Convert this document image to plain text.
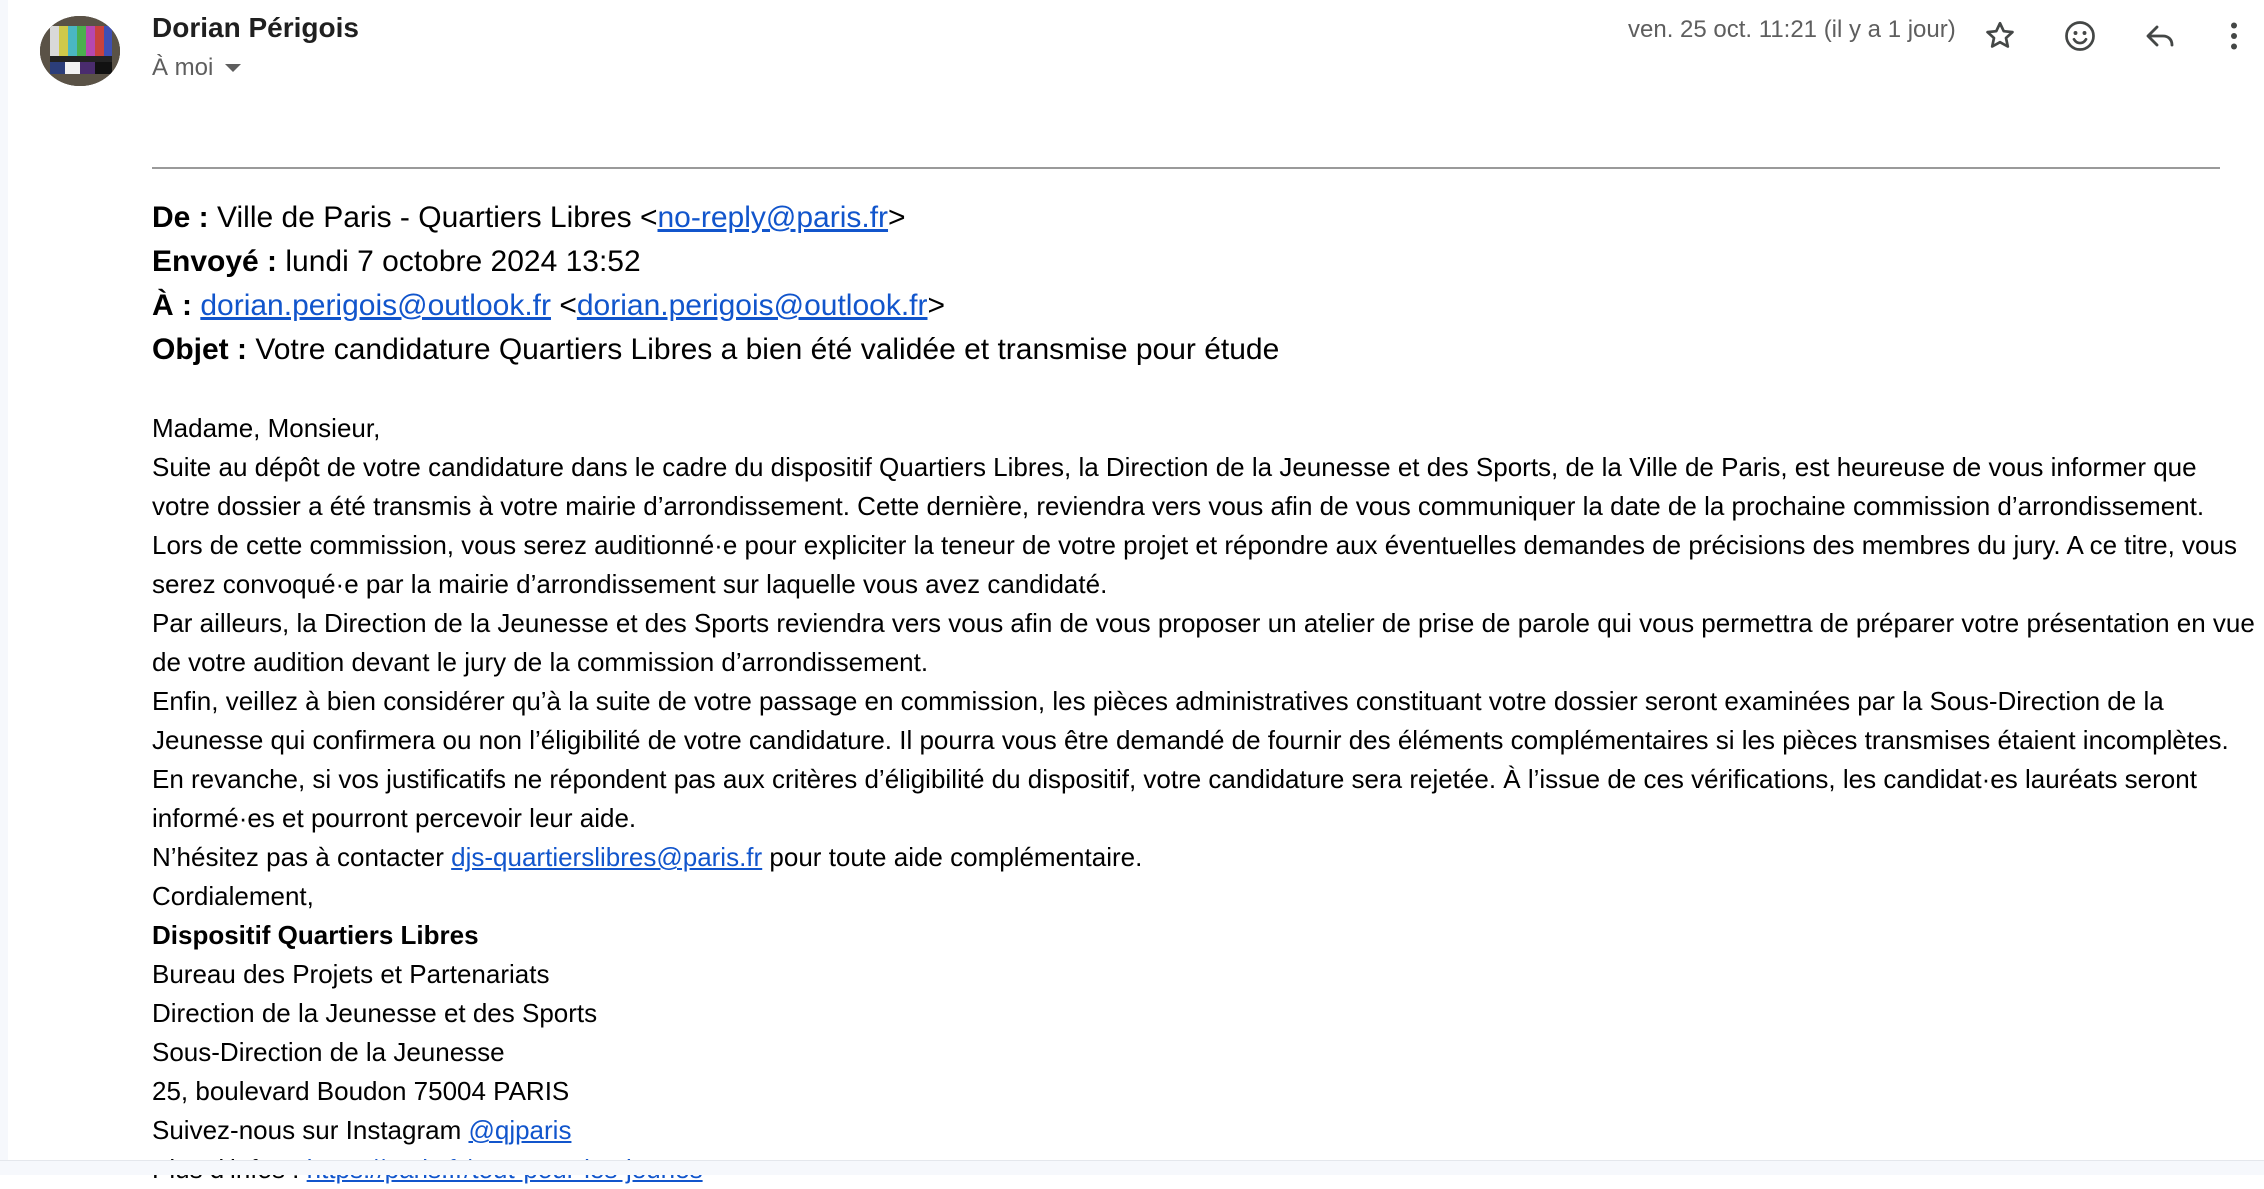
Dorian Périgois
À moi
ven. 25 oct. 11:21 (il y a 1 jour)
De : Ville de Paris - Quartiers Libres <no-reply@paris.fr>
Envoyé : lundi 7 octobre 2024 13:52
À : dorian.perigois@outlook.fr <dorian.perigois@outlook.fr>
Objet : Votre candidature Quartiers Libres a bien été validée et transmise pour étude

Madame, Monsieur,

Suite au dépôt de votre candidature dans le cadre du dispositif Quartiers Libres, la Direction de la Jeunesse et des Sports, de la Ville de Paris, est heureuse de vous informer que

votre dossier a été transmis à votre mairie d’arrondissement. Cette dernière, reviendra vers vous afin de vous communiquer la date de la prochaine commission d’arrondissement.

Lors de cette commission, vous serez auditionné·e pour expliciter la teneur de votre projet et répondre aux éventuelles demandes de précisions des membres du jury. A ce titre, vous

serez convoqué·e par la mairie d’arrondissement sur laquelle vous avez candidaté.

Par ailleurs, la Direction de la Jeunesse et des Sports reviendra vers vous afin de vous proposer un atelier de prise de parole qui vous permettra de préparer votre présentation en vue

de votre audition devant le jury de la commission d’arrondissement.

Enfin, veillez à bien considérer qu’à la suite de votre passage en commission, les pièces administratives constituant votre dossier seront examinées par la Sous-Direction de la

Jeunesse qui confirmera ou non l’éligibilité de votre candidature. Il pourra vous être demandé de fournir des éléments complémentaires si les pièces transmises étaient incomplètes.

En revanche, si vos justificatifs ne répondent pas aux critères d’éligibilité du dispositif, votre candidature sera rejetée. À l’issue de ces vérifications, les candidat·es lauréats seront

informé·es et pourront percevoir leur aide.

N’hésitez pas à contacter djs-quartierslibres@paris.fr pour toute aide complémentaire.

Cordialement,

Dispositif Quartiers Libres

Bureau des Projets et Partenariats

Direction de la Jeunesse et des Sports

Sous-Direction de la Jeunesse

25, boulevard Boudon 75004 PARIS

Suivez-nous sur Instagram @qjparis
